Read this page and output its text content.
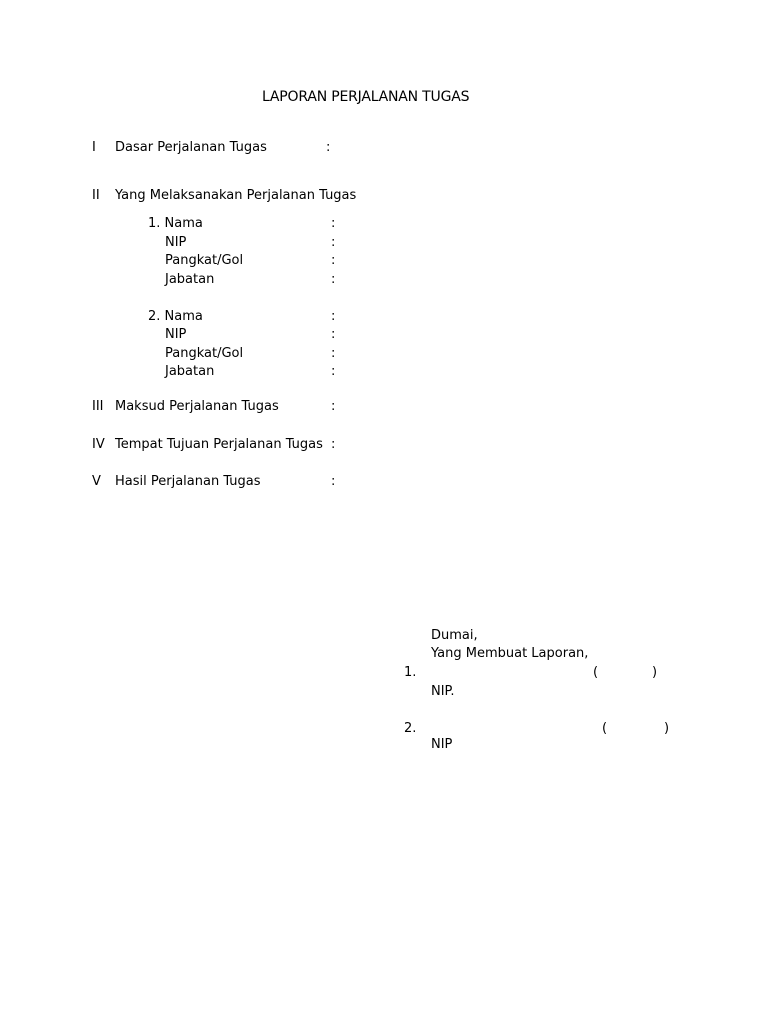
LAPORAN PERJALANAN TUGAS
I Dasar Perjalanan Tugas	:
II Yang Melaksanakan Perjalanan Tugas
1. Nama	:
NIP	:
Pangkat/Gol	:
Jabatan	:
2. Nama	:
NIP	:
Pangkat/Gol	:
Jabatan	:
III Maksud Perjalanan Tugas	:
IV Tempat Tujuan Perjalanan Tugas :
V Hasil Perjalanan Tugas	:
Dumai,
Yang Membuat Laporan,
1.	(	)
NIP.
2.	(	)
NIP
